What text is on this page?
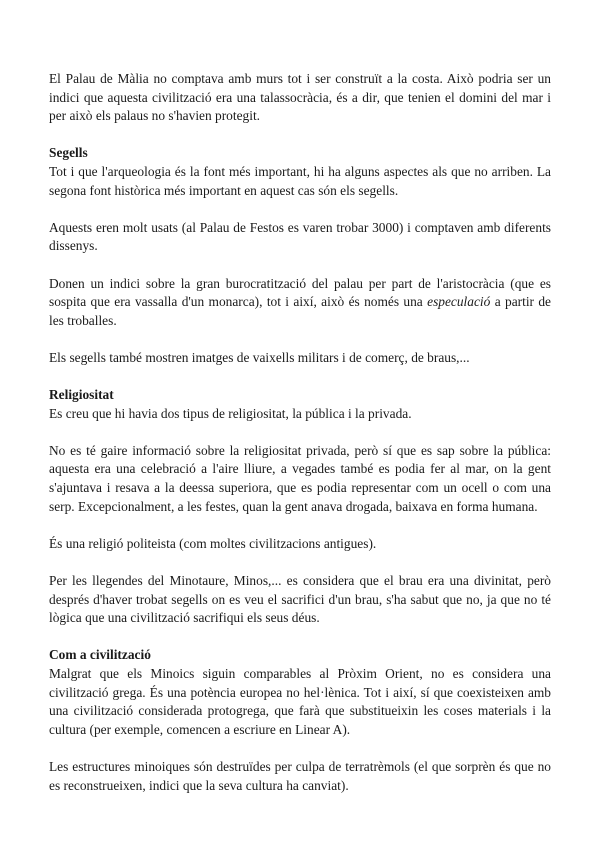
El Palau de Màlia no comptava amb murs tot i ser construït a la costa. Això podria ser un indici que aquesta civilització era una talassocràcia, és a dir, que tenien el domini del mar i per això els palaus no s'havien protegit.

Segells

Tot i que l'arqueologia és la font més important, hi ha alguns aspectes als que no arriben. La segona font històrica més important en aquest cas són els segells.

Aquests eren molt usats (al Palau de Festos es varen trobar 3000) i comptaven amb diferents dissenys.

Donen un indici sobre la gran burocratització del palau per part de l'aristocràcia (que es sospita que era vassalla d'un monarca), tot i així, això és només una especulació a partir de les troballes.

Els segells també mostren imatges de vaixells militars i de comerç, de braus,...

Religiositat

Es creu que hi havia dos tipus de religiositat, la pública i la privada.

No es té gaire informació sobre la religiositat privada, però sí que es sap sobre la pública: aquesta era una celebració a l'aire lliure, a vegades també es podia fer al mar, on la gent s'ajuntava i resava a la deessa superiora, que es podia representar com un ocell o com una serp. Excepcionalment, a les festes, quan la gent anava drogada, baixava en forma humana.

És una religió politeista (com moltes civilitzacions antigues).

Per les llegendes del Minotaure, Minos,... es considera que el brau era una divinitat, però després d'haver trobat segells on es veu el sacrifici d'un brau, s'ha sabut que no, ja que no té lògica que una civilització sacrifiqui els seus déus.

Com a civilització

Malgrat que els Minoics siguin comparables al Pròxim Orient, no es considera una civilització grega. És una potència europea no hel·lènica. Tot i així, sí que coexisteixen amb una civilització considerada protogrega, que farà que substitueixin les coses materials i la cultura (per exemple, comencen a escriure en Linear A).

Les estructures minoiques són destruïdes per culpa de terratrèmols (el que sorprèn és que no es reconstrueixen, indici que la seva cultura ha canviat).
